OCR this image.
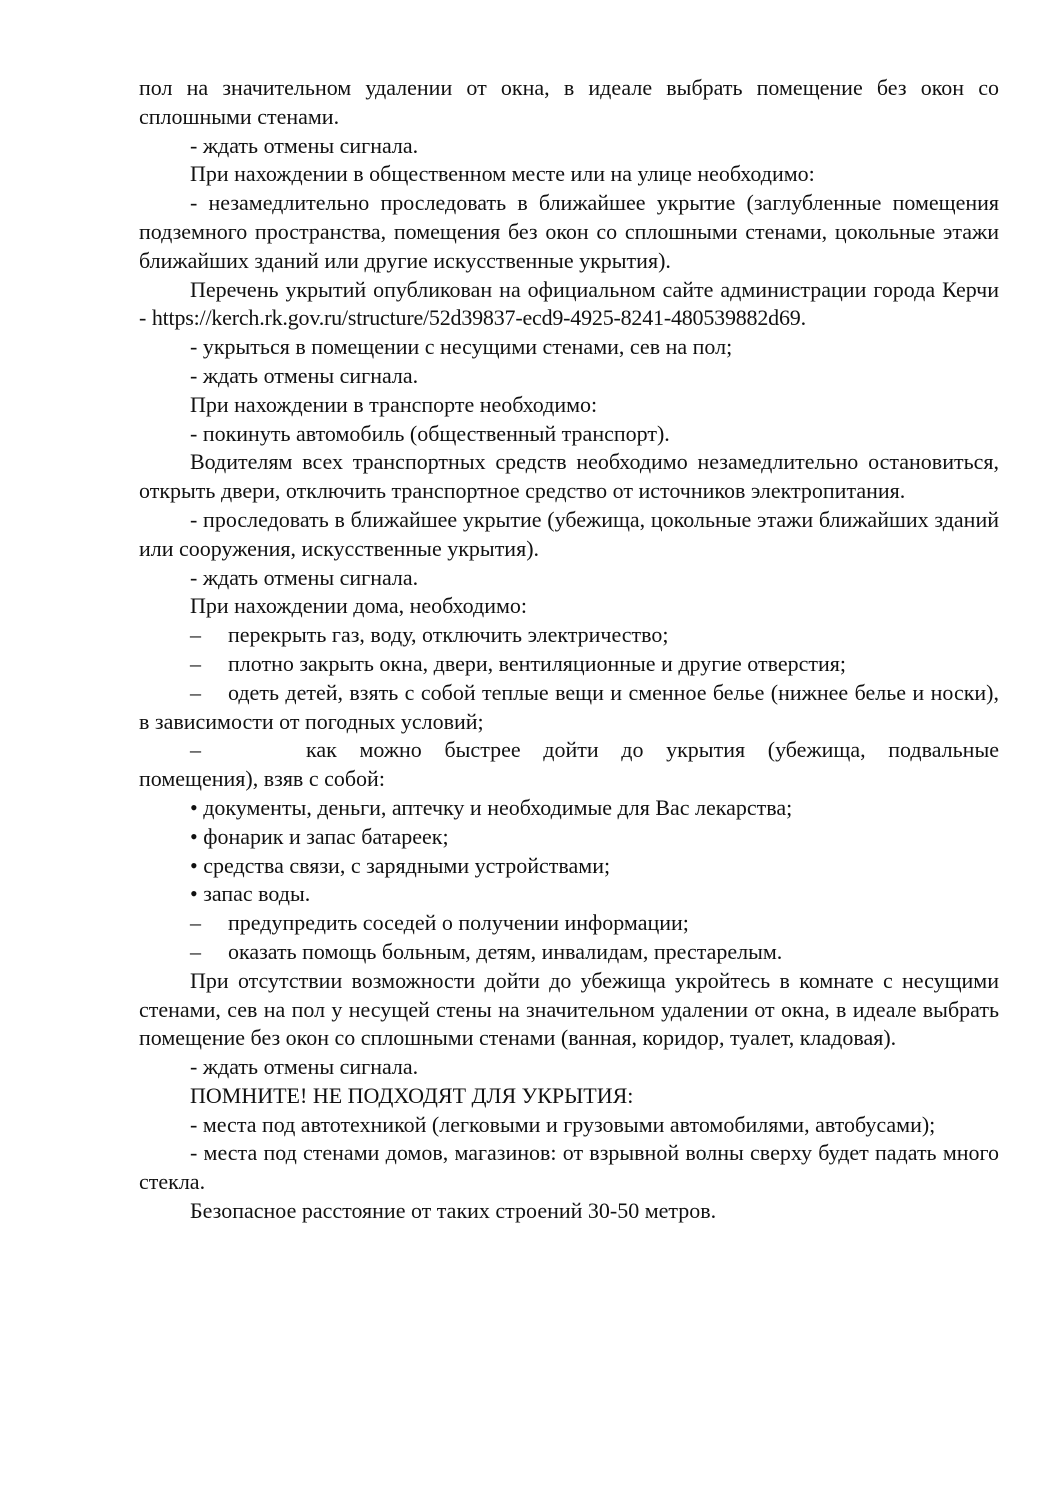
пол на значительном удалении от окна, в идеале выбрать помещение без окон со сплошными стенами.

- ждать отмены сигнала.

При нахождении в общественном месте или на улице необходимо:

- незамедлительно проследовать в ближайшее укрытие (заглубленные помещения подземного пространства, помещения без окон со сплошными стенами, цокольные этажи ближайших зданий или другие искусственные укрытия).

Перечень укрытий опубликован на официальном сайте администрации города Керчи - https://kerch.rk.gov.ru/structure/52d39837-ecd9-4925-8241-480539882d69.

- укрыться в помещении с несущими стенами, сев на пол;

- ждать отмены сигнала.

При нахождении в транспорте необходимо:

- покинуть автомобиль (общественный транспорт).

Водителям всех транспортных средств необходимо незамедлительно остановиться, открыть двери, отключить транспортное средство от источников электропитания.

- проследовать в ближайшее укрытие (убежища, цокольные этажи ближайших зданий или сооружения, искусственные укрытия).

- ждать отмены сигнала.

При нахождении дома, необходимо:

– перекрыть газ, воду, отключить электричество;

– плотно закрыть окна, двери, вентиляционные и другие отверстия;

– одеть детей, взять с собой теплые вещи и сменное белье (нижнее белье и носки), в зависимости от погодных условий;

–	как можно быстрее дойти до укрытия (убежища, подвальные помещения), взяв с собой:

• документы, деньги, аптечку и необходимые для Вас лекарства;

• фонарик и запас батареек;

• средства связи, с зарядными устройствами;

• запас воды.

– предупредить соседей о получении информации;

– оказать помощь больным, детям, инвалидам, престарелым.

При отсутствии возможности дойти до убежища укройтесь в комнате с несущими стенами, сев на пол у несущей стены на значительном удалении от окна, в идеале выбрать помещение без окон со сплошными стенами (ванная, коридор, туалет, кладовая).

- ждать отмены сигнала.

ПОМНИТЕ! НЕ ПОДХОДЯТ ДЛЯ УКРЫТИЯ:

- места под автотехникой (легковыми и грузовыми автомобилями, автобусами);

- места под стенами домов, магазинов: от взрывной волны сверху будет падать много стекла.

Безопасное расстояние от таких строений 30-50 метров.
